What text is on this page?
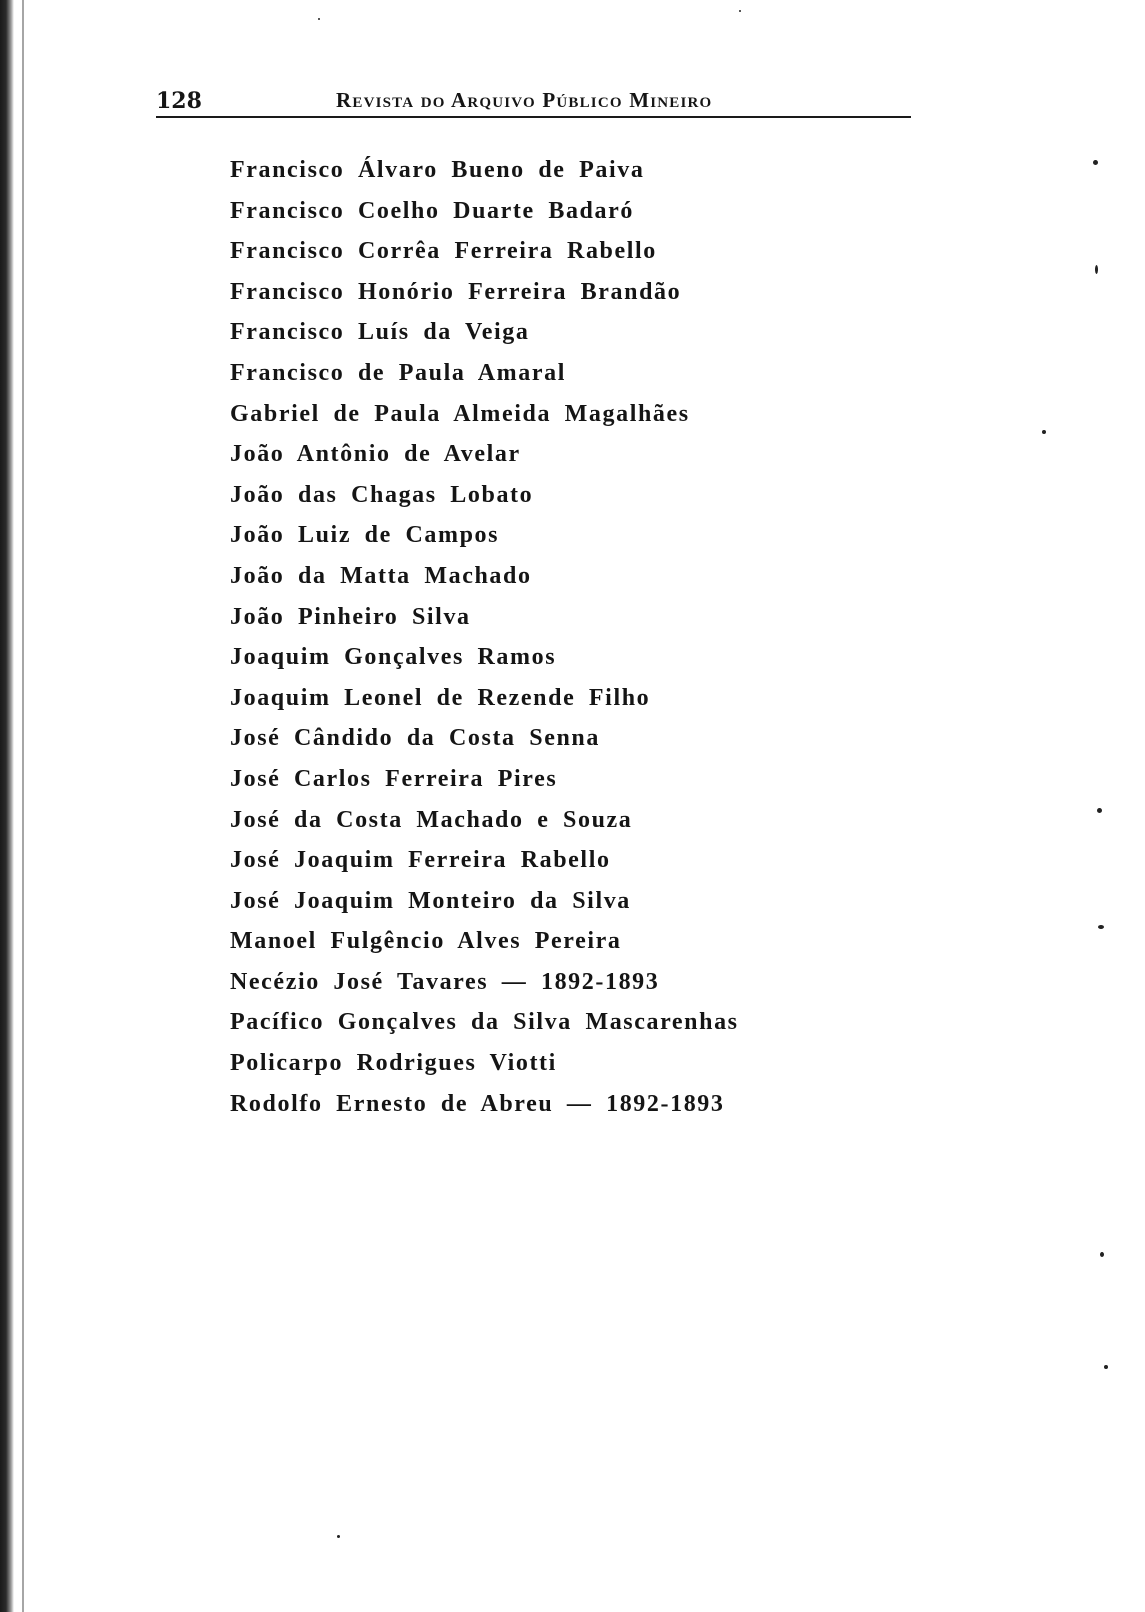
128	Revista do Arquivo Público Mineiro
Francisco Álvaro Bueno de Paiva
Francisco Coelho Duarte Badaró
Francisco Corrêa Ferreira Rabello
Francisco Honório Ferreira Brandão
Francisco Luís da Veiga
Francisco de Paula Amaral
Gabriel de Paula Almeida Magalhães
João Antônio de Avelar
João das Chagas Lobato
João Luiz de Campos
João da Matta Machado
João Pinheiro Silva
Joaquim Gonçalves Ramos
Joaquim Leonel de Rezende Filho
José Cândido da Costa Senna
José Carlos Ferreira Pires
José da Costa Machado e Souza
José Joaquim Ferreira Rabello
José Joaquim Monteiro da Silva
Manoel Fulgêncio Alves Pereira
Necézio José Tavares — 1892-1893
Pacífico Gonçalves da Silva Mascarenhas
Policarpo Rodrigues Viotti
Rodolfo Ernesto de Abreu — 1892-1893
